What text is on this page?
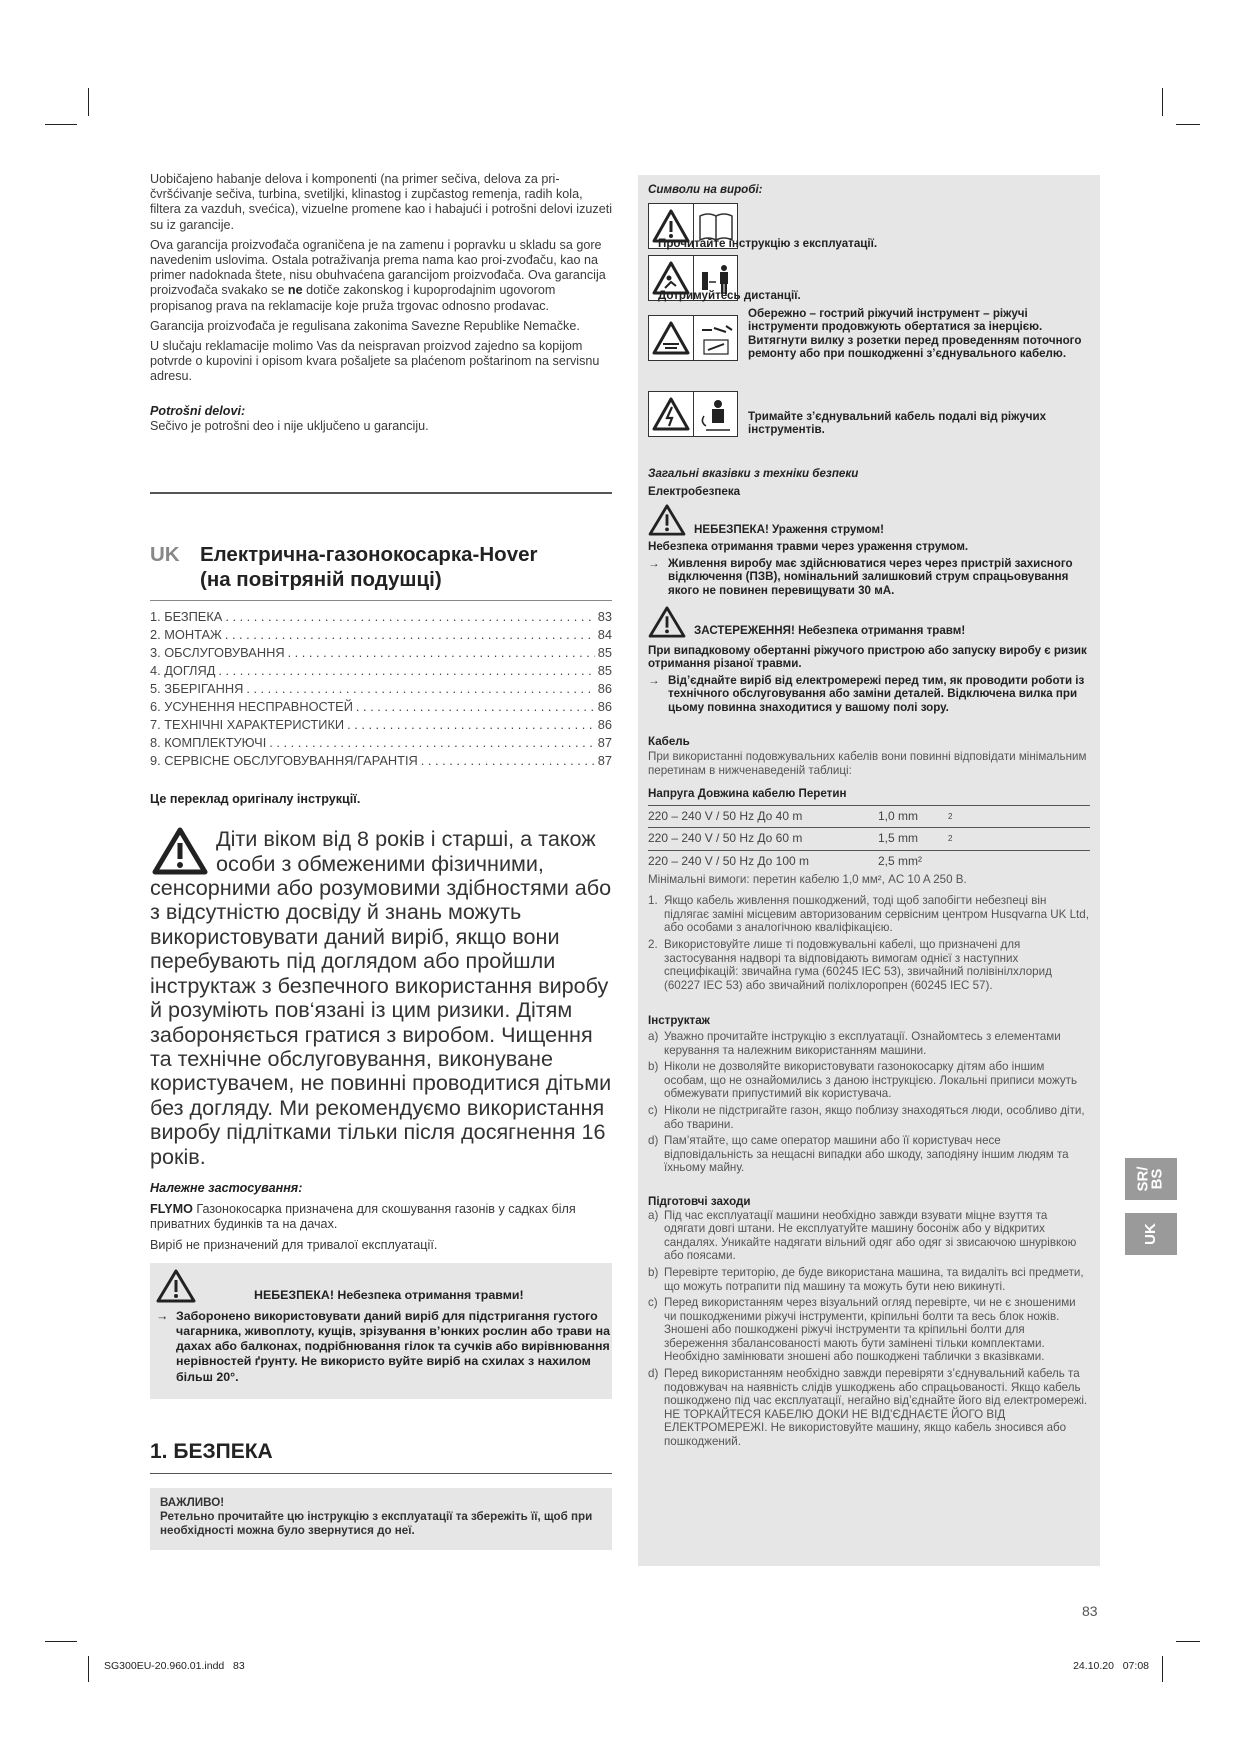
Uobičajeno habanje delova i komponenti (na primer sečiva, delova za pri-čvršćivanje sečiva, turbina, svetiljki, klinastog i zupčastog remenja, radih kola, filtera za vazduh, svećica), vizuelne promene kao i habajući i potrošni delovi izuzeti su iz garancije.

Ova garancija proizvođača ograničena je na zamenu i popravku u skladu sa gore navedenim uslovima. Ostala potraživanja prema nama kao proi-zvođaču, kao na primer nadoknada štete, nisu obuhvaćena garancijom proizvođača. Ova garancija proizvođača svakako se ne dotiče zakonskog i kupoprodajnim ugovorom propisanog prava na reklamacije koje pruža trgovac odnosno prodavac.

Garancija proizvođača je regulisana zakonima Savezne Republike Nemačke.

U slučaju reklamacije molimo Vas da neispravan proizvod zajedno sa kopijom potvrde o kupovini i opisom kvara pošaljete sa plaćenom poštarinom na servisnu adresu.

Potrošni delovi:
Sečivo je potrošni deo i nije uključeno u garanciju.
UK Електрична-газонокосарка-Hover
(на повітряній подушці)
1. БЕЗПЕКА . . .	83
2. МОНТАЖ . . .	84
3. ОБСЛУГОВУВАННЯ . . .	85
4. ДОГЛЯД . . .	85
5. ЗБЕРІГАННЯ . . .	86
6. УСУНЕННЯ НЕСПРАВНОСТЕЙ . . .	86
7. ТЕХНІЧНІ ХАРАКТЕРИСТИКИ . . .	86
8. КОМПЛЕКТУЮЧІ . . .	87
9. СЕРВІСНЕ ОБСЛУГОВУВАННЯ/ГАРАНТІЯ . . .	87
Це переклад оригіналу інструкції.
Діти віком від 8 років і старші, а також особи з обмеженими фізичними, сенсорними або розумовими здібностями або з відсутністю досвіду й знань можуть використовувати даний виріб, якщо вони перебувають під доглядом або пройшли інструктаж з безпечного використання виробу й розуміють пов‘язані із цим ризики. Дітям забороняється гратися з виробом. Чищення та технічне обслуговування, виконуване користувачем, не повинні проводитися дітьми без догляду. Ми рекомендуємо використання виробу підлітками тільки після досягнення 16 років.
Належне застосування:

FLYMO Газонокосарка призначена для скошування газонів у садках біля приватних будинків та на дачах.

Виріб не призначений для тривалої експлуатації.

НЕБЕЗПЕКА! Небезпека отримання травми!
→ Заборонено використовувати даний виріб для підстригання густого чагарника, живоплоту, кущів, зрізування в’юнких рослин або трави на дахах або балконах, подрібнювання гілок та сучків або вирівнювання нерівностей ґрунту. Не використо вуйте виріб на схилах з нахилом більш 20°.
1. БЕЗПЕКА
ВАЖЛИВО!
Ретельно прочитайте цю інструкцію з експлуатації та збережіть її, щоб при необхідності можна було звернутися до неї.
Символи на виробі:
Прочитайте інструкцію з експлуатації.
Дотримуйтесь дистанції.
Обережно – гострий ріжучий інструмент – ріжучі інструменти продовжують обертатися за інерцією. Витягнути вилку з розетки перед проведенням поточного ремонту або при пошкодженні з’єднувального кабелю.
Тримайте з’єднувальний кабель подалі від ріжучих інструментів.
Загальні вказівки з техніки безпеки
Електробезпека
НЕБЕЗПЕКА! Ураження струмом!
Небезпека отримання травми через ураження струмом.
→ Живлення виробу має здійснюватися через через пристрій захисного відключення (ПЗВ), номінальний залишковий струм спрацьовування якого не повинен перевищувати 30 мA.
ЗАСТЕРЕЖЕННЯ! Небезпека отримання травм!
При випадковому обертанні ріжучого пристрою або запуску виробу є ризик отримання різаної травми.
→ Від’єднайте виріб від електромережі перед тим, як проводити роботи із технічного обслуговування або заміни деталей. Відключена вилка при цьому повинна знаходитися у вашому полі зору.
Кабель
При використанні подовжувальних кабелів вони повинні відповідати мінімальним перетинам в нижченаведеній таблиці:
Напруга Довжина кабелю Перетин
220 – 240 V / 50 Hz До 40 m	1,0 mm	2
220 – 240 V / 50 Hz До 60 m	1,5 mm	2
220 – 240 V / 50 Hz До 100 m	2,5 mm²	
Мінімальні вимоги: перетин кабелю 1,0 мм², AC 10 A 250 В.
1. Якщо кабель живлення пошкоджений, тоді щоб запобігти небезпеці він підлягає заміні місцевим авторизованим сервісним центром Husqvarna UK Ltd, або особами з аналогічною кваліфікацією.
2. Використовуйте лише ті подовжувальні кабелі, що призначені для застосування надворі та відповідають вимогам однієї з наступних специфікацій: звичайна гума (60245 IEC 53), звичайний полівінілхлорид (60227 IEC 53) або звичайний поліхлоропрен (60245 IEC 57).
Інструктаж
a) Уважно прочитайте інструкцію з експлуатації. Ознайомтесь з елементами керування та належним використанням машини.
b) Ніколи не дозволяйте використовувати газонокосарку дітям або іншим особам, що не ознайомились з даною інструкцією. Локальні приписи можуть обмежувати припустимий вік користувача.
c) Ніколи не підстригайте газон, якщо поблизу знаходяться люди, особливо діти, або тварини.
d) Пам’ятайте, що саме оператор машини або її користувач несе відповідальність за нещасні випадки або шкоду, заподіяну іншим людям та їхньому майну.
Підготовчі заходи
a) Під час експлуатації машини необхідно завжди взувати міцне взуття та одягати довгі штани. Не експлуатуйте машину босоніж або у відкритих сандалях. Уникайте надягати вільний одяг або одяг зі звисаючою шнурівкою або поясами.
b) Перевірте територію, де буде використана машина, та видаліть всі предмети, що можуть потрапити під машину та можуть бути нею викинуті.
c) Перед використанням через візуальний огляд перевірте, чи не є зношеними чи пошкодженими ріжучі інструменти, кріпильні болти та весь блок ножів. Зношені або пошкоджені ріжучі інструменти та кріпильні болти для збереження збалансованості мають бути замінені тільки комплектами. Необхідно замінювати зношені або пошкоджені таблички з вказівками.
d) Перед використанням необхідно завжди перевіряти з’єднувальний кабель та подовжувач на наявність слідів ушкоджень або спрацьованості. Якщо кабель пошкоджено під час експлуатації, негайно від’єднайте його від електромережі. НЕ ТОРКАЙТЕСЯ КАБЕЛЮ ДОКИ НЕ ВІД’ЄДНАЄТЕ ЙОГО ВІД ЕЛЕКТРОМЕРЕЖІ. Не використовуйте машину, якщо кабель зносився або пошкоджений.
SR/
BS
UK
83
SG300EU-20.960.01.indd   83	24.10.20   07:08
